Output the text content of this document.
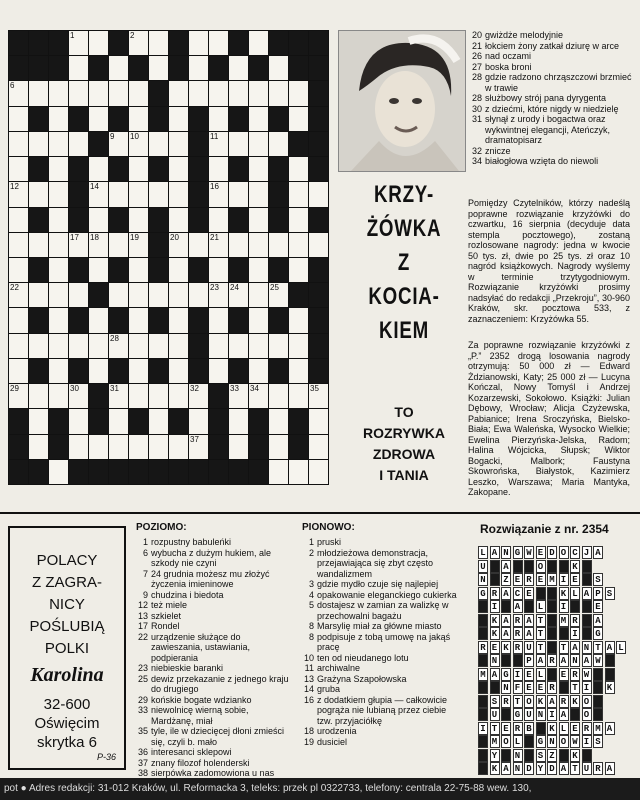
1	2
6
9 10	11
12	14	16
17 18	19	20	21
22	23 24	25
28
29	30	31	32	33 34	35
37
KRZY-
ŻÓWKA
Z
KOCIA-
KIEM
TO
ROZRYWKA
ZDROWA
I TANIA
20 gwiżdże melodyjnie
21 łokciem żony zatkał dziurę w arce
26 nad oczami
27 boska broni
28 gdzie radzono chrząszczowi brzmieć w trawie
28 służbowy strój pana dyrygenta
30 z dziećmi, które nigdy w niedzielę
31 słynął z urody i bogactwa oraz wykwintnej elegancji, Ateńczyk, dramatopisarz
32 znicze
34 białogłowa wzięta do niewoli
Pomiędzy Czytelników, którzy nadeślą poprawne rozwiązanie krzyżówki do czwartku, 16 sierpnia (decyduje data stempla pocztowego), zostaną rozlosowane nagrody: jedna w kwocie 50 tys. zł, dwie po 25 tys. zł oraz 10 nagród książkowych. Nagrody wyślemy w terminie trzytygodniowym. Rozwiązanie krzyżówki prosimy nadsyłać do redakcji „Przekroju”, 30-960 Kraków, skr. pocztowa 533, z zaznaczeniem: Krzyżówka 55.
Za poprawne rozwiązanie krzyżówki z „P.” 2352 drogą losowania nagrody otrzymują: 50 000 zł — Edward Żdzianowski, Katy; 25 000 zł — Lucyna Kończal, Nowy Tomyśl i Andrzej Kozarzewski, Sokołowo. Książki: Julian Dębowy, Wrocław; Alicja Czyżewska, Pabianice; Irena Sroczyńska, Bielsko-Biała; Ewa Waleńska, Wysocko Wielkie; Ewelina Pierzyńska-Jelska, Radom; Halina Wójcicka, Słupsk; Wiktor Bogacki, Malbork; Faustyna Skowrońska, Białystok, Kazimierz Leszko, Warszawa; Maria Mantyka, Zakopane.
POLACY
Z ZAGRA-
NICY
POŚLUBIĄ
POLKI
Karolina
32-600
Oświęcim
skrytka 6
P-36
POZIOMO:
1 rozpustny babuleńki
6 wybucha z dużym hukiem, ale szkody nie czyni
7 24 grudnia możesz mu złożyć życzenia imieninowe
9 chudzina i biedota
12 też miele
13 szkielet
17 Rondel
22 urządzenie służące do zawieszania, ustawiania, podpierania
23 niebieskie baranki
25 dewiz przekazanie z jednego kraju do drugiego
29 końskie bogate wdzianko
33 niewolnicę wierną sobie, Mardżanę, miał
35 tyle, ile w dziecięcej dłoni zmieści się, czyli b. mało
36 interesanci sklepowi
37 znany filozof holenderski
38 sierpówka zadomowiona u nas
PIONOWO:
1 pruski
2 młodzieżowa demonstracja, przejawiająca się zbyt często wandalizmem
3 gdzie mydło czuje się najlepiej
4 opakowanie eleganckiego cukierka
5 dostajesz w zamian za walizkę w przechowalni bagażu
8 Marsylię miał za główne miasto
8 podpisuje z tobą umowę na jakąś pracę
10 ten od nieudanego lotu
11 archiwalne
13 Grażyna Szapołowska
14 gruba
16 z dodatkiem głupia — całkowicie pogrąża nie lubianą przez ciebie tzw. przyjaciółkę
18 urodzenia
19 dusiciel
Rozwiązanie z nr. 2354
L A N G W E D O C J A
U A	O	K
N Z E R E M I E S
G R A C E	K L A P S
I A L I	E
K A R A T M R A
K A R A T	I G
R E K R U T T A N T A L
N	P A R A N A W
M A G I E L E R W
N F E E R T I K
S R T O K A R K O
U G U N I A O
I T E R B K L E R M A
M O L G N O W I S
Y N S Z K
K A N D Y D A T U R A
pot ● Adres redakcji: 31-012 Kraków, ul. Reformacka 3, teleks: przek pl 0322733, telefony: centrala 22-75-88 wew. 130,
